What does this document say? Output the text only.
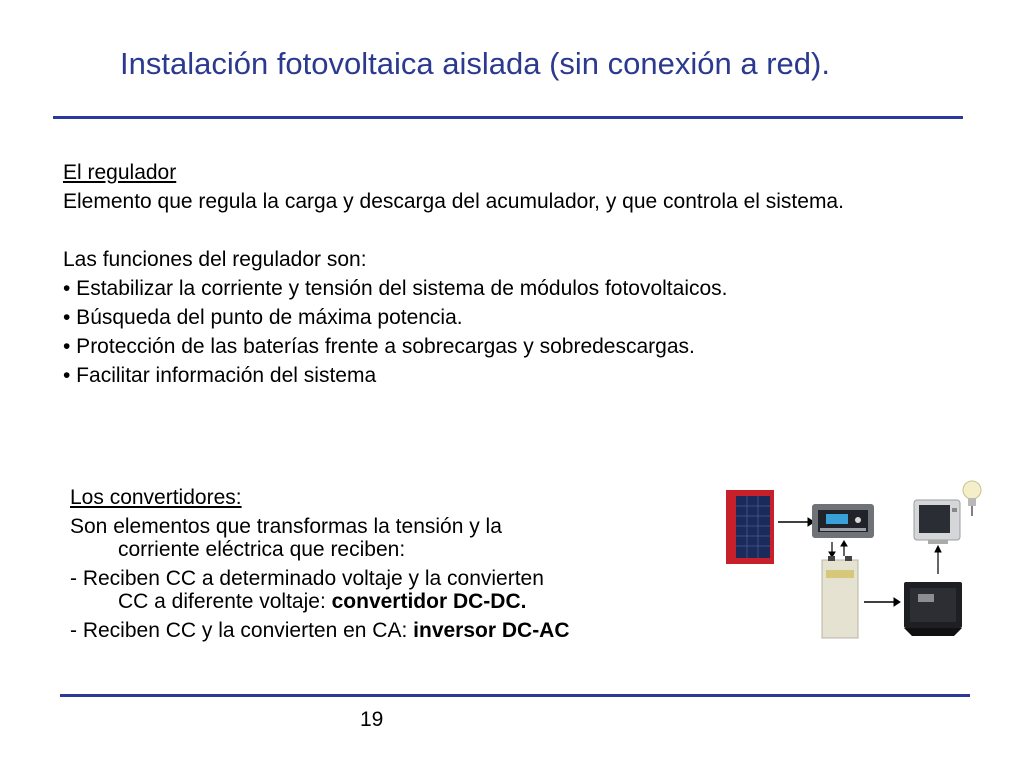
Instalación fotovoltaica aislada (sin conexión a red).
El regulador
Elemento que regula la carga y descarga del acumulador, y que controla el sistema.
Las funciones del regulador son:
• Estabilizar la corriente y tensión del sistema de módulos fotovoltaicos.
• Búsqueda del punto de máxima potencia.
• Protección de las baterías frente a sobrecargas y sobredescargas.
• Facilitar información del sistema
Los convertidores:
Son elementos que transformas la tensión y la
corriente eléctrica que reciben:
- Reciben CC a determinado voltaje y la convierten
CC a diferente voltaje: convertidor DC-DC.
- Reciben CC y la convierten en CA: inversor DC-AC
19
